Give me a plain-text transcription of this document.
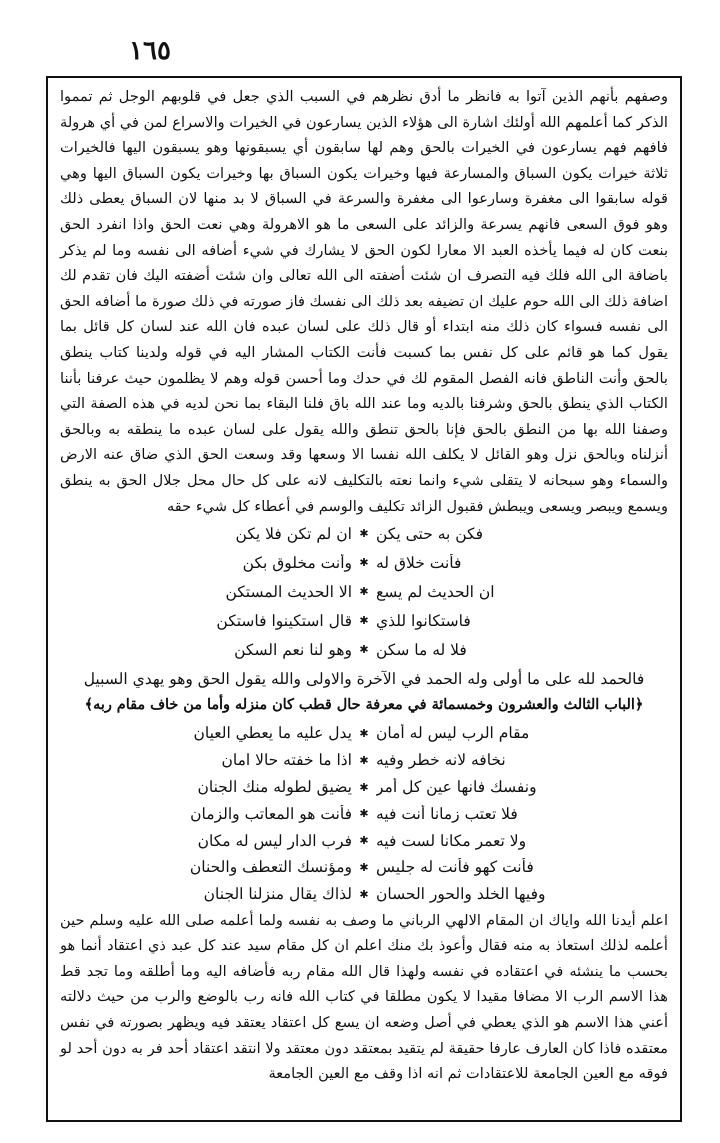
١٦٥

وصفهم بأنهم الذين آتوا به فانظر ما أدق نظرهم في السبب الذي جعل في قلوبهم الوجل ثم تمموا الذكر كما أعلمهم الله أولئك اشارة الى هؤلاء الذين يسارعون في الخيرات والاسراع لمن في أي هرولة فافهم فهم يسارعون في الخيرات بالحق وهم لها سابقون أي يسبقونها وهو يسبقون اليها فالخيرات ثلاثة خيرات يكون السباق والمسارعة فيها وخيرات يكون السباق بها وخيرات يكون السباق اليها وهي قوله سابقوا الى مغفرة وسارعوا الى مغفرة والسرعة في السباق لا بد منها لان السباق يعطى ذلك وهو فوق السعى فانهم يسرعة والزائد على السعى ما هو الاهرولة وهي نعت الحق واذا انفرد الحق بنعت كان له فيما يأخذه العبد الا معارا لكون الحق لا يشارك في شيء أضافه الى نفسه وما لم يذكر باضافة الى الله فلك فيه التصرف ان شئت أضفته الى الله تعالى وان شئت أضفته اليك فان تقدم لك اضافة ذلك الى الله حوم عليك ان تضيفه بعد ذلك الى نفسك فاز صورته في ذلك صورة ما أضافه الحق الى نفسه فسواء كان ذلك منه ابتداء أو قال ذلك على لسان عبده فان الله عند لسان كل قائل بما يقول كما هو قائم على كل نفس بما كسبت فأنت الكتاب المشار اليه في قوله ولدينا كتاب ينطق بالحق وأنت الناطق فانه الفصل المقوم لك في حدك وما أحسن قوله وهم لا يظلمون حيث عرفنا بأننا الكتاب الذي ينطق بالحق وشرفنا بالديه وما عند الله باق فلنا البقاء بما نحن لديه في هذه الصفة التي وصفنا الله بها من النطق بالحق فإنا بالحق تنطق والله يقول على لسان عبده ما ينطقه به وبالحق أنزلناه وبالحق نزل وهو القائل لا يكلف الله نفسا الا وسعها وقد وسعت الحق الذي ضاق عنه الارض والسماء وهو سبحانه لا يتقلى شيء وانما نعته بالتكليف لانه على كل حال محل جلال الحق به ينطق ويسمع ويبصر ويسعى ويبطش فقبول الزائد تكليف والوسم في أعطاء كل شيء حقه

فكن به حتى يكن
✱
ان لم تكن فلا يكن
فأنت خلاق له
✱
وأنت مخلوق بكن
ان الحديث لم يسع
✱
الا الحديث المستكن
فاستكانوا للذي
✱
قال استكينوا فاستكن
فلا له ما سكن
✱
وهو لنا نعم السكن

فالحمد لله على ما أولى وله الحمد في الآخرة والاولى والله يقول الحق وهو يهدي السبيل

﴿الباب الثالث والعشرون وخمسمائة في معرفة حال قطب كان منزله وأما من خاف مقام ربه﴾

مقام الرب ليس له أمان
✱
يدل عليه ما يعطي العيان
نخافه لانه خطر وفيه
✱
اذا ما خفته حالا امان
ونفسك فانها عين كل أمر
✱
يضيق لطوله منك الجنان
فلا تعتب زمانا أنت فيه
✱
فأنت هو المعاتب والزمان
ولا تعمر مكانا لست فيه
✱
فرب الدار ليس له مكان
فأنت كهو فأنت له جليس
✱
ومؤنسك التعطف والحنان
وفيها الخلد والحور الحسان
✱
لذاك يقال منزلنا الجنان

اعلم أيدنا الله واياك ان المقام الالهي الرباني ما وصف به نفسه ولما أعلمه صلى الله عليه وسلم حين أعلمه لذلك استعاذ به منه فقال وأعوذ بك منك اعلم ان كل مقام سيد عند كل عبد ذي اعتقاد أنما هو بحسب ما ينشئه في اعتقاده في نفسه ولهذا قال الله مقام ربه فأضافه اليه وما أطلقه وما تجد قط هذا الاسم الرب الا مضافا مقيدا لا يكون مطلقا في كتاب الله فانه رب بالوضع والرب من حيث دلالته أعني هذا الاسم هو الذي يعطي في أصل وضعه ان يسع كل اعتقاد يعتقد فيه ويظهر بصورته في نفس معتقده فاذا كان العارف عارفا حقيقة لم يتقيد بمعتقد دون معتقد ولا انتقد اعتقاد أحد فر به دون أحد لو فوقه مع العين الجامعة للاعتقادات ثم انه اذا وقف مع العين الجامعة
